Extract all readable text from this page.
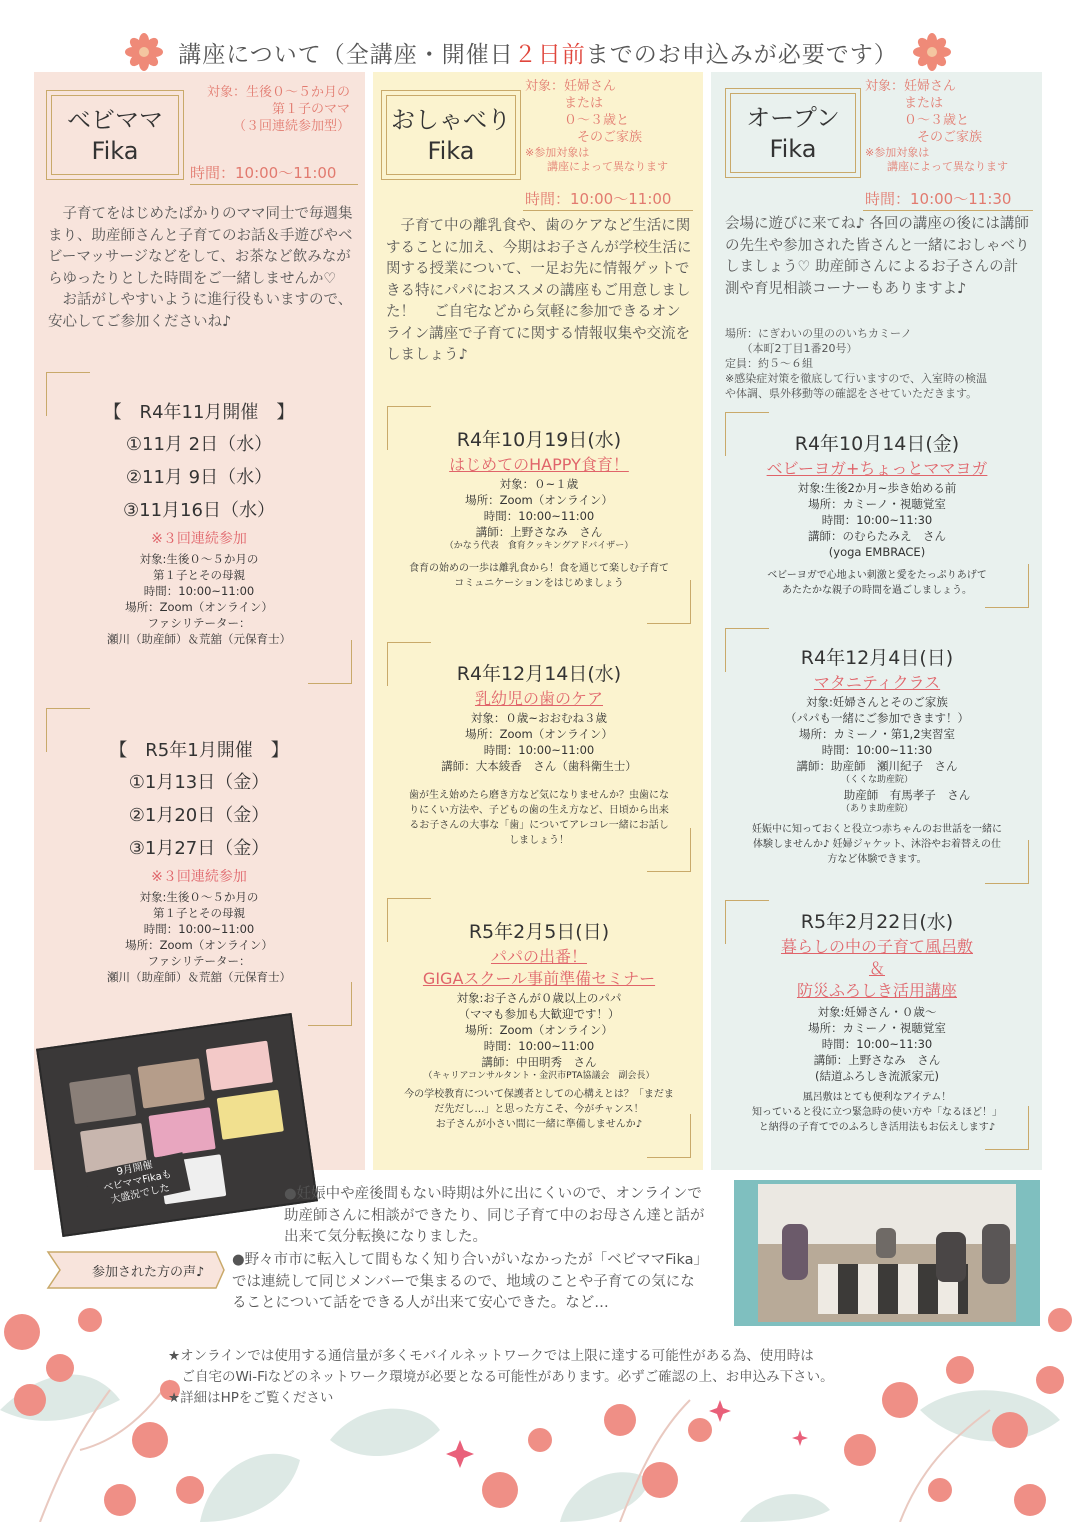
講座について（全講座・開催日２日前までのお申込みが必要です）
ベビママ
Fika
対象：生後０～５か月の
　　　第１子のママ
　（３回連続参加型）
時間：10:00～11:00
　子育てをはじめたばかりのママ同士で毎週集まり、助産師さんと子育てのお話＆手遊びやベビーマッサージなどをして、お茶など飲みながらゆったりとした時間をご一緒しませんか♡ 　お話がしやすいように進行役もいますので、安心してご参加くださいね♪
【　R4年11月開催　】
①11月 2日（水）
②11月 9日（水）
③11月16日（水）
※３回連続参加
対象:生後０～５か月の
第１子とその母親
時間：10:00~11:00
場所：Zoom（オンライン）
ファシリテーター：
瀬川（助産師）＆荒舘（元保育士）
【　R5年1月開催　】
①1月13日（金）
②1月20日（金）
③1月27日（金）
※３回連続参加
対象:生後０～５か月の
第１子とその母親
時間：10:00~11:00
場所：Zoom（オンライン）
ファシリテーター：
瀬川（助産師）＆荒舘（元保育士）
9月開催
ベビママFikaも
大盛況でした
おしゃべり
Fika
対象：妊婦さん
　　　または
　　　０～３歳と
　　　　そのご家族
※参加対象は
　　講座によって異なります
時間：10:00～11:00
　子育て中の離乳食や、歯のケアなど生活に関することに加え、今期はお子さんが学校生活に関する授業について、一足お先に情報ゲットできる特にパパにおススメの講座もご用意しました！ 　ご自宅などから気軽に参加できるオンライン講座で子育てに関する情報収集や交流をしましょう♪
R4年10月19日(水)
はじめてのHAPPY食育！
対象：０~１歳
場所：Zoom（オンライン）
時間：10:00~11:00
講師：上野さなみ　さん
（かなう代表　食育クッキングアドバイザー）
食育の始めの一歩は離乳食から！食を通じて楽しむ子育て
コミュニケーションをはじめましょう
R4年12月14日(水)
乳幼児の歯のケア
対象：０歳~おおむね３歳
場所：Zoom（オンライン）
時間：10:00~11:00
講師：大本綾香　さん（歯科衛生士）
歯が生え始めたら磨き方など気になりませんか？虫歯にな
りにくい方法や、子どもの歯の生え方など、日頃から出来
るお子さんの大事な「歯」についてアレコレ一緒にお話し
しましょう！
R5年2月5日(日)
パパの出番！
GIGAスクール事前準備セミナー
対象:お子さんが０歳以上のパパ
（ママも参加も大歓迎です！）
場所：Zoom（オンライン）
時間：10:00~11:00
講師：中田明秀　さん
（キャリアコンサルタント・金沢市PTA協議会　副会長）
今の学校教育について保護者としての心構えとは？「まだま
だ先だし…」と思った方こそ、今がチャンス！
お子さんが小さい間に一緒に準備しませんか♪
オープン
Fika
対象：妊婦さん
　　　または
　　　０～３歳と
　　　　そのご家族
※参加対象は
　　講座によって異なります
時間：10:00～11:30
会場に遊びに来てね♪ 各回の講座の後には講師の先生や参加された皆さんと一緒におしゃべりしましょう♡ 助産師さんによるお子さんの計測や育児相談コーナーもありますよ♪
場所：にぎわいの里ののいちカミーノ
　　（本町2丁目1番20号）
定員：約５～６組
※感染症対策を徹底して行いますので、入室時の検温
や体調、県外移動等の確認をさせていただきます。
R4年10月14日(金)
ベビーヨガ+ちょっとママヨガ
対象:生後2か月~歩き始める前
場所：カミーノ・視聴覚室
時間：10:00~11:30
講師：のむらたみえ　さん
(yoga EMBRACE)
ベビーヨガで心地よい刺激と愛をたっぷりあげて
あたたかな親子の時間を過ごしましょう。
R4年12月4日(日)
マタニティクラス
対象:妊婦さんとそのご家族
（パパも一緒にご参加できます！）
場所：カミーノ・第1,2実習室
時間：10:00~11:30
講師：助産師　瀬川紀子　さん
（くくな助産院）
助産師　有馬孝子　さん
（ありま助産院）
妊娠中に知っておくと役立つ赤ちゃんのお世話を一緒に
体験しませんか♪ 妊婦ジャケット、沐浴やお着替えの仕
方など体験できます。
R5年2月22日(水)
暮らしの中の子育て風呂敷
＆
防災ふろしき活用講座
対象:妊婦さん・０歳～
場所：カミーノ・視聴覚室
時間：10:00~11:30
講師：上野さなみ　さん
(結道ふろしき流派家元)
風呂敷はとても便利なアイテム！
知っていると役に立つ緊急時の使い方や「なるほど！」
と納得の子育てでのふろしき活用法もお伝えします♪
参加された方の声♪
●妊娠中や産後間もない時期は外に出にくいので、オンラインで助産師さんに相談ができたり、同じ子育て中のお母さん達と話が出来て気分転換になりました。
●野々市市に転入して間もなく知り合いがいなかったが「ベビママFika」では連続して同じメンバーで集まるので、地域のことや子育ての気になることについて話をできる人が出来て安心できた。など…
★オンラインでは使用する通信量が多くモバイルネットワークでは上限に達する可能性がある為、使用時は
　ご自宅のWi-Fiなどのネットワーク環境が必要となる可能性があります。必ずご確認の上、お申込み下さい。
★詳細はHPをご覧ください
